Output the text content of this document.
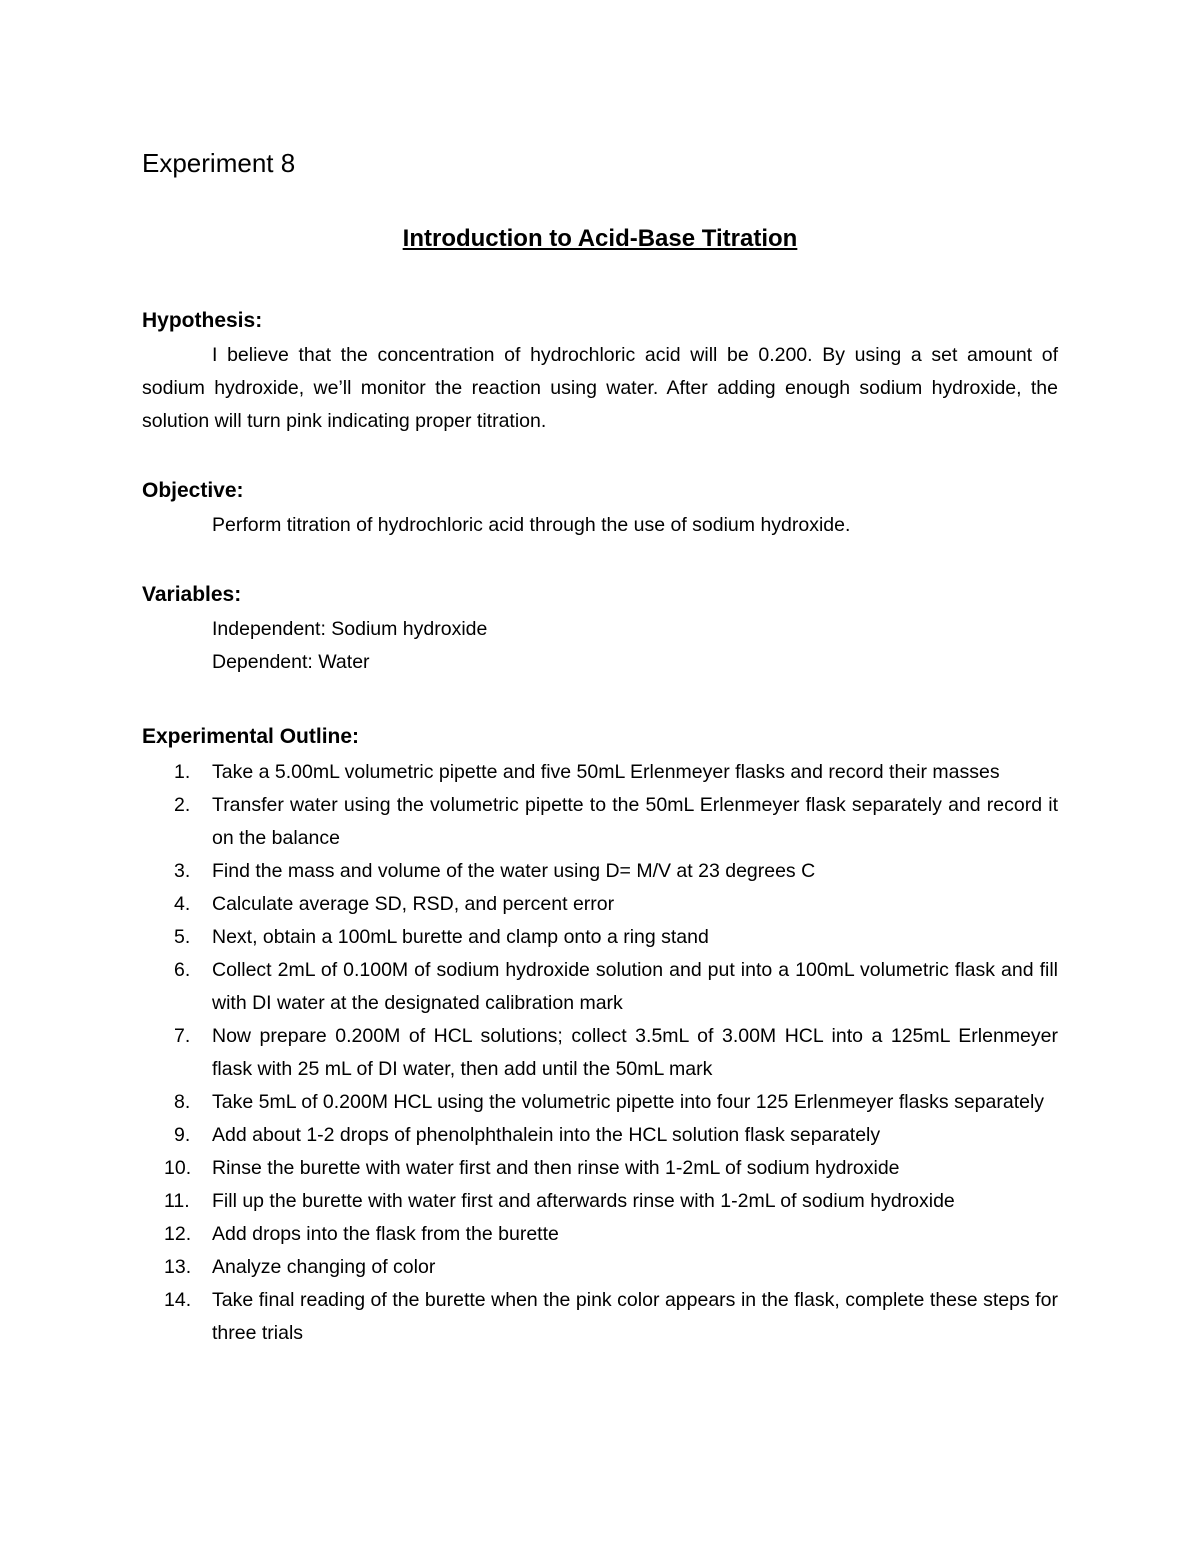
Experiment 8
Introduction to Acid-Base Titration
Hypothesis:
I believe that the concentration of hydrochloric acid will be 0.200. By using a set amount of sodium hydroxide, we’ll monitor the reaction using water. After adding enough sodium hydroxide, the solution will turn pink indicating proper titration.
Objective:
Perform titration of hydrochloric acid through the use of sodium hydroxide.
Variables:
Independent: Sodium hydroxide
Dependent: Water
Experimental Outline:
1. Take a 5.00mL volumetric pipette and five 50mL Erlenmeyer flasks and record their masses
2. Transfer water using the volumetric pipette to the 50mL Erlenmeyer flask separately and record it on the balance
3. Find the mass and volume of the water using D= M/V at 23 degrees C
4. Calculate average SD, RSD, and percent error
5. Next, obtain a 100mL burette and clamp onto a ring stand
6. Collect 2mL of 0.100M of sodium hydroxide solution and put into a 100mL volumetric flask and fill with DI water at the designated calibration mark
7. Now prepare 0.200M of HCL solutions; collect 3.5mL of 3.00M HCL into a 125mL Erlenmeyer flask with 25 mL of DI water, then add until the 50mL mark
8. Take 5mL of 0.200M HCL using the volumetric pipette into four 125 Erlenmeyer flasks separately
9. Add about 1-2 drops of phenolphthalein into the HCL solution flask separately
10. Rinse the burette with water first and then rinse with 1-2mL of sodium hydroxide
11. Fill up the burette with water first and afterwards rinse with 1-2mL of sodium hydroxide
12. Add drops into the flask from the burette
13. Analyze changing of color
14. Take final reading of the burette when the pink color appears in the flask, complete these steps for three trials
